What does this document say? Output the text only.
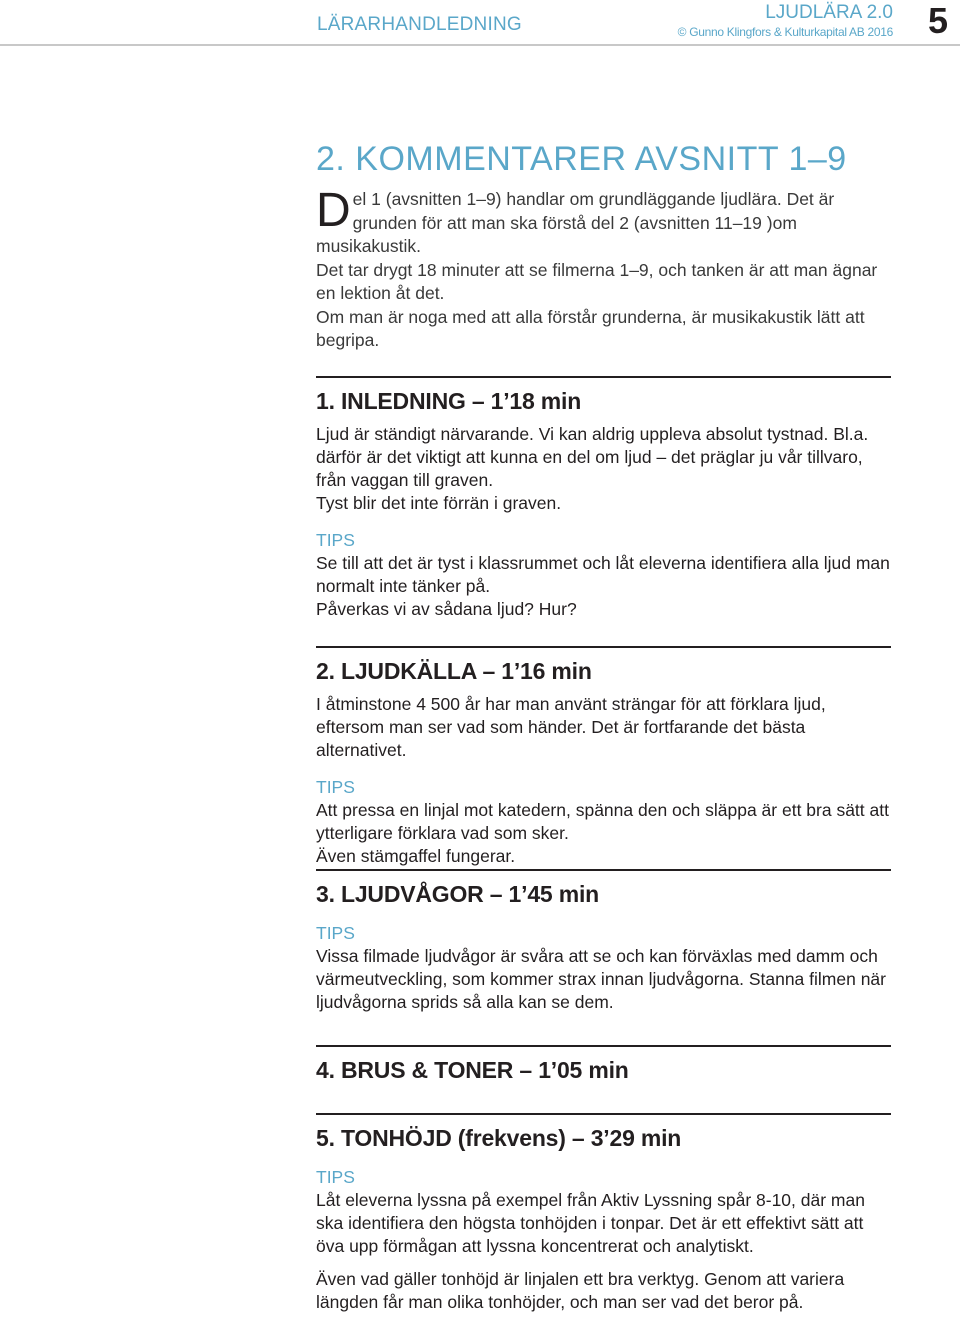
LÄRARHANDLEDNING
LJUDLÄRA 2.0
© Gunno Klingfors & Kulturkapital AB 2016 5
2. KOMMENTARER AVSNITT 1–9
D el 1 (avsnitten 1–9) handlar om grundläggande ljudlära. Det är grunden för att man ska förstå del 2 (avsnitten 11–19 )om musikakustik.

Det tar drygt 18 minuter att se filmerna 1–9, och tanken är att man ägnar en lektion åt det.

Om man är noga med att alla förstår grunderna, är musikakustik lätt att begripa.

1. INLEDNING – 1’18 min

Ljud är ständigt närvarande. Vi kan aldrig uppleva absolut tystnad. Bl.a. därför är det viktigt att kunna en del om ljud – det präglar ju vår tillvaro, från vaggan till graven.

Tyst blir det inte förrän i graven.

TIPS

Se till att det är tyst i klassrummet och låt eleverna identifiera alla ljud man normalt inte tänker på.

Påverkas vi av sådana ljud? Hur?

2. LJUDKÄLLA – 1’16 min

I åtminstone 4 500 år har man använt strängar för att förklara ljud, eftersom man ser vad som händer. Det är fortfarande det bästa alternativet.

TIPS

Att pressa en linjal mot katedern, spänna den och släppa är ett bra sätt att ytterligare förklara vad som sker.

Även stämgaffel fungerar.

3. LJUDVÅGOR – 1’45 min

TIPS

Vissa filmade ljudvågor är svåra att se och kan förväxlas med damm och värmeutveckling, som kommer strax innan ljudvågorna. Stanna filmen när ljudvågorna sprids så alla kan se dem.

4. BRUS & TONER – 1’05 min
5. TONHÖJD (frekvens) – 3’29 min

TIPS

Låt eleverna lyssna på exempel från Aktiv Lyssning spår 8-10, där man ska identifiera den högsta tonhöjden i tonpar. Det är ett effektivt sätt att öva upp förmågan att lyssna koncentrerat och analytiskt.

Även vad gäller tonhöjd är linjalen ett bra verktyg. Genom att variera längden får man olika tonhöjder, och man ser vad det beror på.
